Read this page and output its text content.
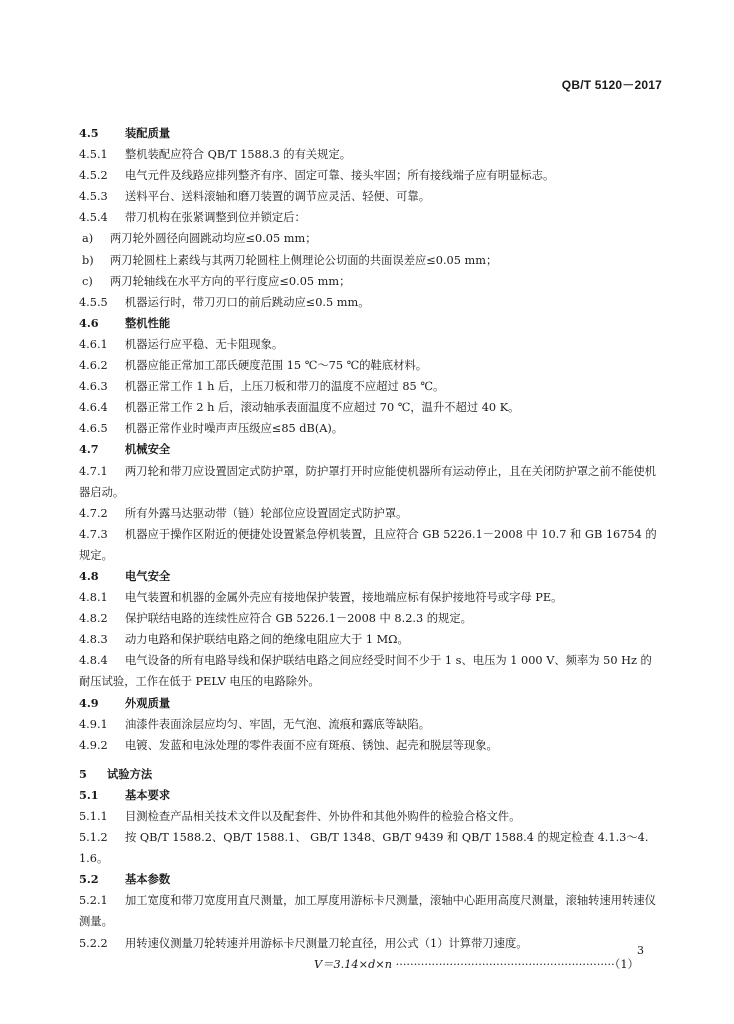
QB/T 5120－2017
4.5 装配质量
4.5.1 整机装配应符合 QB/T 1588.3 的有关规定。
4.5.2 电气元件及线路应排列整齐有序、固定可靠、接头牢固；所有接线端子应有明显标志。
4.5.3 送料平台、送料滚轴和磨刀装置的调节应灵活、轻便、可靠。
4.5.4 带刀机构在张紧调整到位并锁定后：
a) 两刀轮外圆径向圆跳动均应≤0.05 mm；
b) 两刀轮圆柱上素线与其两刀轮圆柱上侧理论公切面的共面误差应≤0.05 mm；
c) 两刀轮轴线在水平方向的平行度应≤0.05 mm；
4.5.5 机器运行时，带刀刃口的前后跳动应≤0.5 mm。
4.6 整机性能
4.6.1 机器运行应平稳、无卡阻现象。
4.6.2 机器应能正常加工邵氏硬度范围 15 ℃～75 ℃的鞋底材料。
4.6.3 机器正常工作 1 h 后，上压刀板和带刀的温度不应超过 85 ℃。
4.6.4 机器正常工作 2 h 后，滚动轴承表面温度不应超过 70 ℃，温升不超过 40 K。
4.6.5 机器正常作业时噪声声压级应≤85 dB(A)。
4.7 机械安全
4.7.1 两刀轮和带刀应设置固定式防护罩，防护罩打开时应能使机器所有运动停止，且在关闭防护罩之前不能使机器启动。
4.7.2 所有外露马达驱动带（链）轮部位应设置固定式防护罩。
4.7.3 机器应于操作区附近的便捷处设置紧急停机装置，且应符合 GB 5226.1－2008 中 10.7 和 GB 16754 的规定。
4.8 电气安全
4.8.1 电气装置和机器的金属外壳应有接地保护装置，接地端应标有保护接地符号或字母 PE。
4.8.2 保护联结电路的连续性应符合 GB 5226.1－2008 中 8.2.3 的规定。
4.8.3 动力电路和保护联结电路之间的绝缘电阻应大于 1 MΩ。
4.8.4 电气设备的所有电路导线和保护联结电路之间应经受时间不少于 1 s、电压为 1 000 V、频率为 50 Hz 的耐压试验，工作在低于 PELV 电压的电路除外。
4.9 外观质量
4.9.1 油漆件表面涂层应均匀、牢固，无气泡、流痕和露底等缺陷。
4.9.2 电镀、发蓝和电泳处理的零件表面不应有斑痕、锈蚀、起壳和脱层等现象。
5 试验方法
5.1 基本要求
5.1.1 目测检查产品相关技术文件以及配套件、外协件和其他外购件的检验合格文件。
5.1.2 按 QB/T 1588.2、QB/T 1588.1、 GB/T 1348、GB/T 9439 和 QB/T 1588.4 的规定检查 4.1.3～4.1.6。
5.2 基本参数
5.2.1 加工宽度和带刀宽度用直尺测量，加工厚度用游标卡尺测量，滚轴中心距用高度尺测量，滚轴转速用转速仪测量。
5.2.2 用转速仪测量刀轮转速并用游标卡尺测量刀轮直径，用公式（1）计算带刀速度。
V＝3.14×d×n ·····························································（1）
3
